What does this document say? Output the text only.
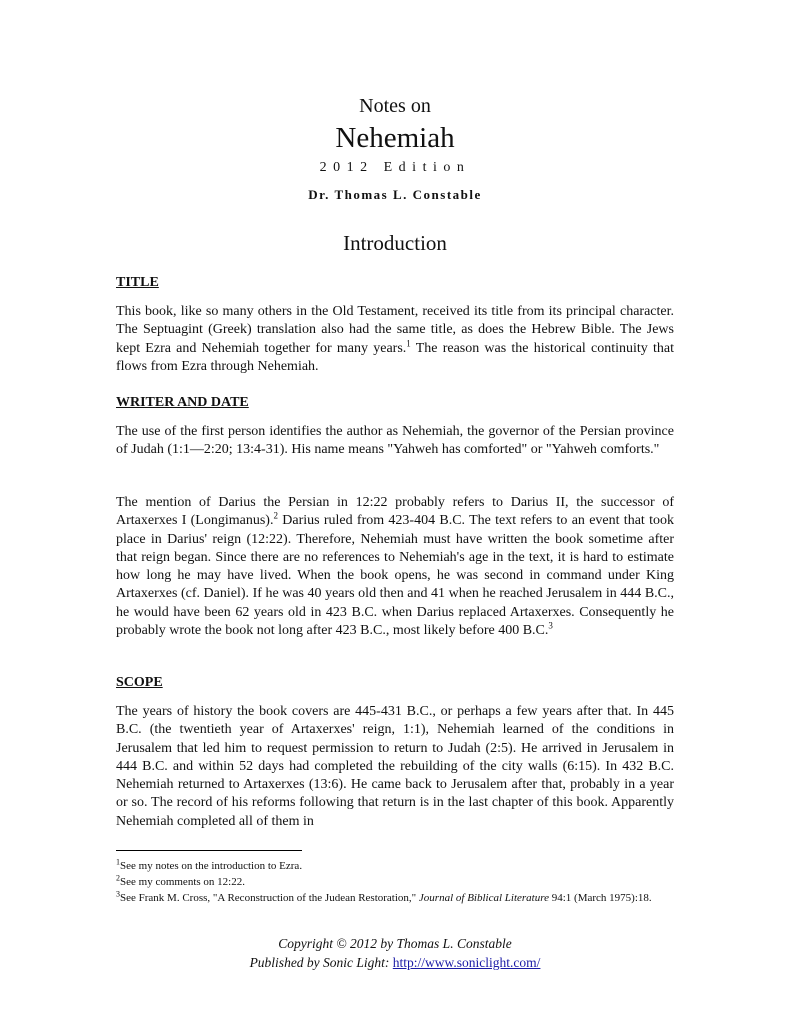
Notes on
Nehemiah
2012 Edition
Dr. Thomas L. Constable
Introduction
TITLE

This book, like so many others in the Old Testament, received its title from its principal character. The Septuagint (Greek) translation also had the same title, as does the Hebrew Bible. The Jews kept Ezra and Nehemiah together for many years.$^1$ The reason was the historical continuity that flows from Ezra through Nehemiah.

WRITER AND DATE

The use of the first person identifies the author as Nehemiah, the governor of the Persian province of Judah (1:1—2:20; 13:4-31). His name means "Yahweh has comforted" or "Yahweh comforts."

The mention of Darius the Persian in 12:22 probably refers to Darius II, the successor of Artaxerxes I (Longimanus).$^2$ Darius ruled from 423-404 B.C. The text refers to an event that took place in Darius' reign (12:22). Therefore, Nehemiah must have written the book sometime after that reign began. Since there are no references to Nehemiah's age in the text, it is hard to estimate how long he may have lived. When the book opens, he was second in command under King Artaxerxes (cf. Daniel). If he was 40 years old then and 41 when he reached Jerusalem in 444 B.C., he would have been 62 years old in 423 B.C. when Darius replaced Artaxerxes. Consequently he probably wrote the book not long after 423 B.C., most likely before 400 B.C.$^3$

SCOPE

The years of history the book covers are 445-431 B.C., or perhaps a few years after that. In 445 B.C. (the twentieth year of Artaxerxes' reign, 1:1), Nehemiah learned of the conditions in Jerusalem that led him to request permission to return to Judah (2:5). He arrived in Jerusalem in 444 B.C. and within 52 days had completed the rebuilding of the city walls (6:15). In 432 B.C. Nehemiah returned to Artaxerxes (13:6). He came back to Jerusalem after that, probably in a year or so. The record of his reforms following that return is in the last chapter of this book. Apparently Nehemiah completed all of them in

$^1$See my notes on the introduction to Ezra.

$^2$See my comments on 12:22.

$^3$See Frank M. Cross, "A Reconstruction of the Judean Restoration," Journal of Biblical Literature 94:1 (March 1975):18.

Copyright © 2012 by Thomas L. Constable
Published by Sonic Light: http://www.soniclight.com/
